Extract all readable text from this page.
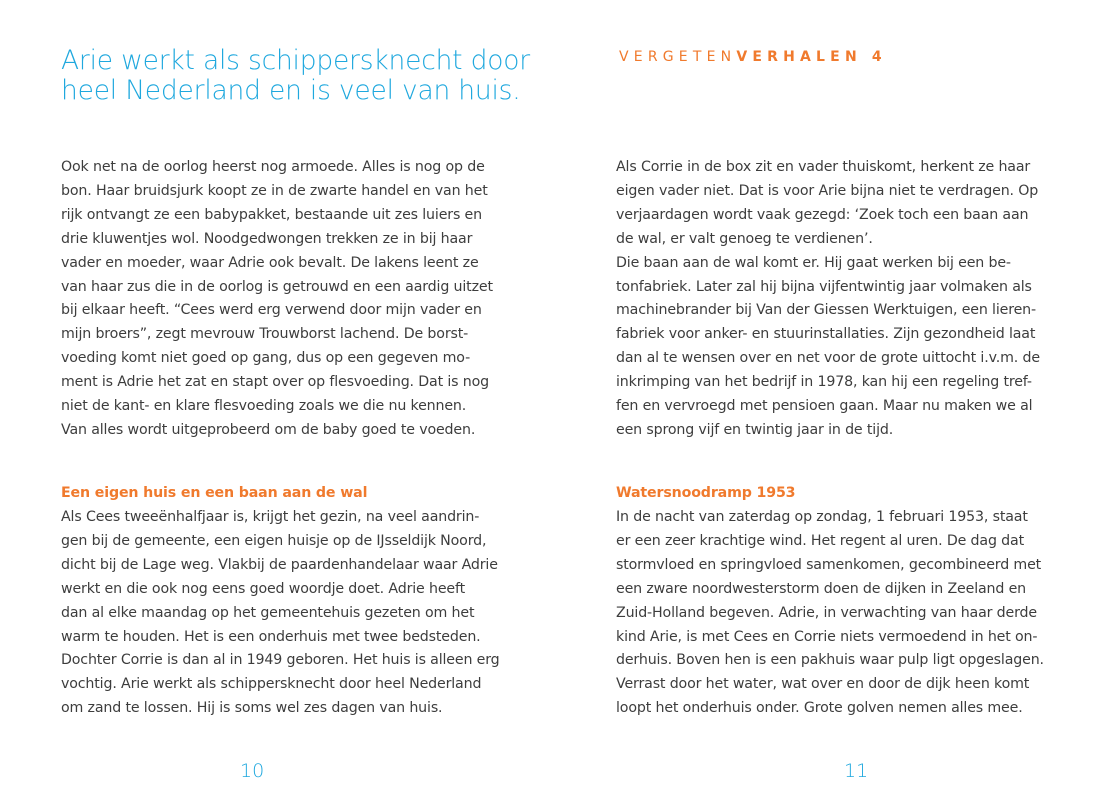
Arie werkt als schippersknecht door heel Nederland en is veel van huis.

Ook net na de oorlog heerst nog armoede. Alles is nog op de

bon. Haar bruidsjurk koopt ze in de zwarte handel en van het

rijk ontvangt ze een babypakket, bestaande uit zes luiers en

drie kluwentjes wol. Noodgedwongen trekken ze in bij haar

vader en moeder, waar Adrie ook bevalt. De lakens leent ze

van haar zus die in de oorlog is getrouwd en een aardig uitzet

bij elkaar heeft. “Cees werd erg verwend door mijn vader en

mijn broers”, zegt mevrouw Trouwborst lachend. De borst-

voeding komt niet goed op gang, dus op een gegeven mo-

ment is Adrie het zat en stapt over op flesvoeding. Dat is nog

niet de kant- en klare flesvoeding zoals we die nu kennen.

Van alles wordt uitgeprobeerd om de baby goed te voeden.

Een eigen huis en een baan aan de wal

Als Cees tweeënhalfjaar is, krijgt het gezin, na veel aandrin-

gen bij de gemeente, een eigen huisje op de IJsseldijk Noord,

dicht bij de Lage weg. Vlakbij de paardenhandelaar waar Adrie

werkt en die ook nog eens goed woordje doet. Adrie heeft

dan al elke maandag op het gemeentehuis gezeten om het

warm te houden. Het is een onderhuis met twee bedsteden.

Dochter Corrie is dan al in 1949 geboren. Het huis is alleen erg

vochtig. Arie werkt als schippersknecht door heel Nederland

om zand te lossen. Hij is soms wel zes dagen van huis.

10
VERGETENVERHALEN 4

Als Corrie in de box zit en vader thuiskomt, herkent ze haar

eigen vader niet. Dat is voor Arie bijna niet te verdragen. Op

verjaardagen wordt vaak gezegd: ‘Zoek toch een baan aan

de wal, er valt genoeg te verdienen’.

Die baan aan de wal komt er. Hij gaat werken bij een be-

tonfabriek. Later zal hij bijna vijfentwintig jaar volmaken als

machinebrander bij Van der Giessen Werktuigen, een lieren-

fabriek voor anker- en stuurinstallaties. Zijn gezondheid laat

dan al te wensen over en net voor de grote uittocht i.v.m. de

inkrimping van het bedrijf in 1978, kan hij een regeling tref-

fen en vervroegd met pensioen gaan. Maar nu maken we al

een sprong vijf en twintig jaar in de tijd.

Watersnoodramp 1953

In de nacht van zaterdag op zondag, 1 februari 1953, staat

er een zeer krachtige wind. Het regent al uren. De dag dat

stormvloed en springvloed samenkomen, gecombineerd met

een zware noordwesterstorm doen de dijken in Zeeland en

Zuid-Holland begeven. Adrie, in verwachting van haar derde

kind Arie, is met Cees en Corrie niets vermoedend in het on-

derhuis. Boven hen is een pakhuis waar pulp ligt opgeslagen.

Verrast door het water, wat over en door de dijk heen komt

loopt het onderhuis onder. Grote golven nemen alles mee.

11
